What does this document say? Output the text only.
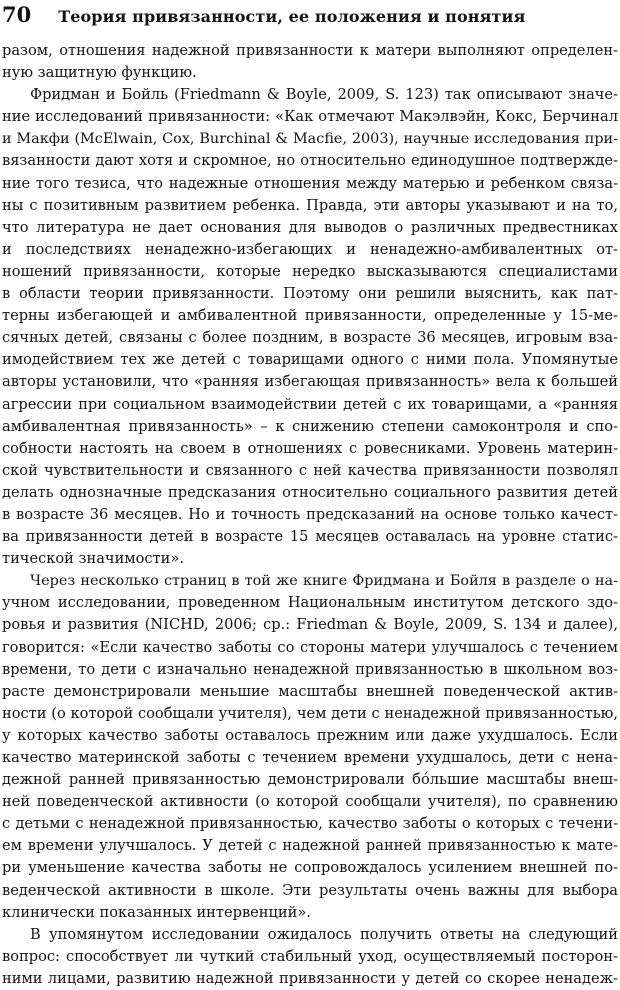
70 Теория привязанности, ее положения и понятия
разом, отношения надежной привязанности к матери выполняют определен-
ную защитную функцию.
Фридман и Бойль (Friedmann & Boyle, 2009, S. 123) так описывают значе-
ние исследований привязанности: «Как отмечают Макэлвэйн, Кокс, Берчинал
и Макфи (McElwain, Cox, Burchinal & Macfie, 2003), научные исследования при-
вязанности дают хотя и скромное, но относительно единодушное подтвержде-
ние того тезиса, что надежные отношения между матерью и ребенком связа-
ны с позитивным развитием ребенка. Правда, эти авторы указывают и на то,
что литература не дает основания для выводов о различных предвестниках
и последствиях ненадежно-избегающих и ненадежно-амбивалентных от-
ношений привязанности, которые нередко высказываются специалистами
в области теории привязанности. Поэтому они решили выяснить, как пат-
терны избегающей и амбивалентной привязанности, определенные у 15-ме-
сячных детей, связаны с более поздним, в возрасте 36 месяцев, игровым вза-
имодействием тех же детей с товарищами одного с ними пола. Упомянутые
авторы установили, что «ранняя избегающая привязанность» вела к большей
агрессии при социальном взаимодействии детей с их товарищами, а «ранняя
амбивалентная привязанность» – к снижению степени самоконтроля и спо-
собности настоять на своем в отношениях с ровесниками. Уровень материн-
ской чувствительности и связанного с ней качества привязанности позволял
делать однозначные предсказания относительно социального развития детей
в возрасте 36 месяцев. Но и точность предсказаний на основе только качест-
ва привязанности детей в возрасте 15 месяцев оставалась на уровне статис-
тической значимости».
Через несколько страниц в той же книге Фридмана и Бойля в разделе о на-
учном исследовании, проведенном Национальным институтом детского здо-
ровья и развития (NICHD, 2006; ср.: Friedman & Boyle, 2009, S. 134 и далее),
говорится: «Если качество заботы со стороны матери улучшалось с течением
времени, то дети с изначально ненадежной привязанностью в школьном воз-
расте демонстрировали меньшие масштабы внешней поведенческой актив-
ности (о которой сообщали учителя), чем дети с ненадежной привязанностью,
у которых качество заботы оставалось прежним или даже ухудшалось. Если
качество материнской заботы с течением времени ухудшалось, дети с нена-
дежной ранней привязанностью демонстрировали бóльшие масштабы внеш-
ней поведенческой активности (о которой сообщали учителя), по сравнению
с детьми с ненадежной привязанностью, качество заботы о которых с течени-
ем времени улучшалось. У детей с надежной ранней привязанностью к мате-
ри уменьшение качества заботы не сопровождалось усилением внешней по-
веденческой активности в школе. Эти результаты очень важны для выбора
клинически показанных интервенций».
В упомянутом исследовании ожидалось получить ответы на следующий
вопрос: способствует ли чуткий стабильный уход, осуществляемый посторон-
ними лицами, развитию надежной привязанности у детей со скорее ненадеж-
